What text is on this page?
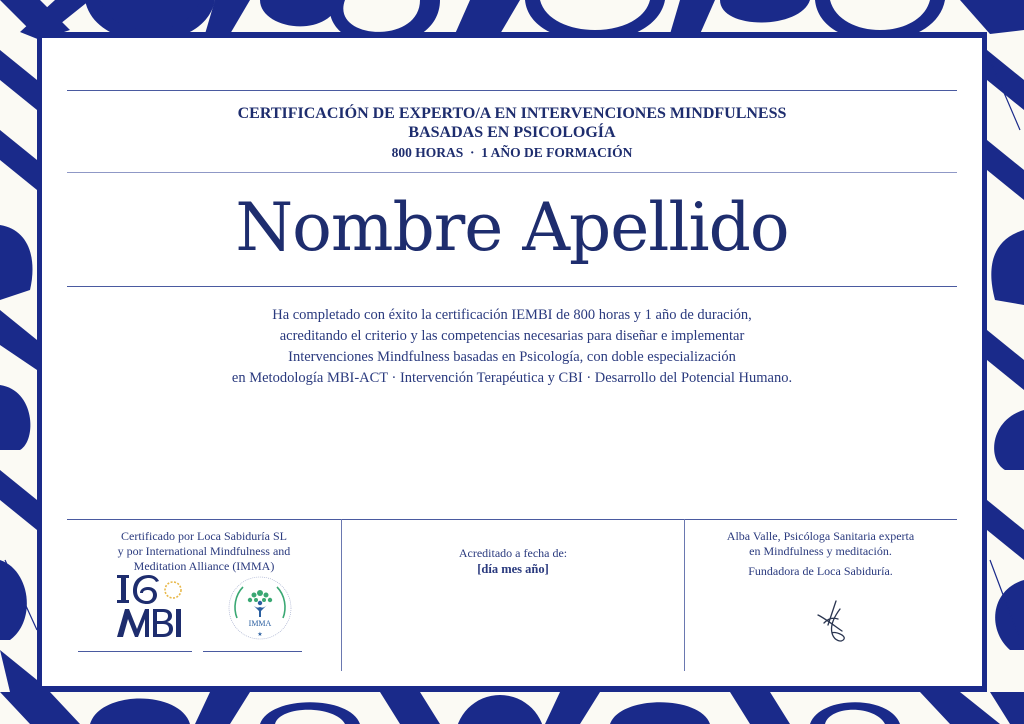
CERTIFICACIÓN DE EXPERTO/A EN INTERVENCIONES MINDFULNESS
BASADAS EN PSICOLOGÍA
800 HORAS  ·  1 AÑO DE FORMACIÓN
Nombre Apellido
Ha completado con éxito la certificación IEMBI de 800 horas y 1 año de duración,
acreditando el criterio y las competencias necesarias para diseñar e implementar
Intervenciones Mindfulness basadas en Psicología, con doble especialización
en Metodología MBI-ACT · Intervención Terapéutica y CBI · Desarrollo del Potencial Humano.
Certificado por Loca Sabiduría SL
y por International Mindfulness and
Meditation Alliance (IMMA)
IMMA
★
Acreditado a fecha de:
[día mes año]
Alba Valle, Psicóloga Sanitaria experta
en Mindfulness y meditación.
Fundadora de Loca Sabiduría.
